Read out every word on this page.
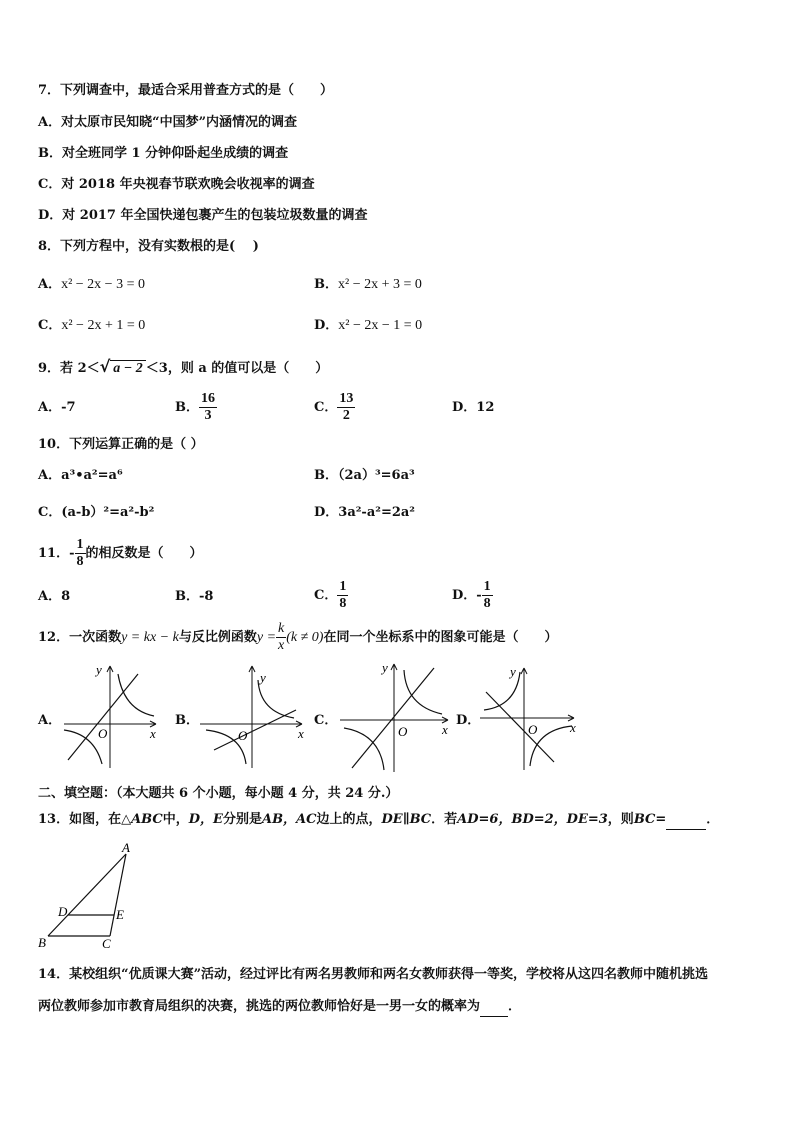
7．下列调查中，最适合采用普查方式的是（　　）
A．对太原市民知晓“中国梦”内涵情况的调查
B．对全班同学 1 分钟仰卧起坐成绩的调查
C．对 2018 年央视春节联欢晚会收视率的调查
D．对 2017 年全国快递包裹产生的包装垃圾数量的调查
8．下列方程中，没有实数根的是(　 )
A．x² − 2x − 3 = 0	B．x² − 2x + 3 = 0
C．x² − 2x + 1 = 0	D．x² − 2x − 1 = 0
9．若 2＜√ a − 2 ＜3，则 a 的值可以是（　　）
A．-7	B． $\frac{16}{3}$	C． $\frac{13}{2}$	D．12
10．下列运算正确的是（ ）
A．a³•a²=a⁶	B．（2a）³=6a³
C．(a-b）²=a²-b²	D．3a²-a²=2a²
11．- $\frac{1}{8}$ 的相反数是（　　）
A．8	B．-8	C． $\frac{1}{8}$	D．- $\frac{1}{8}$
12．一次函数y = kx − k与反比例函数$y = \frac{k}{x} (k \ne 0)$在同一个坐标系中的图象可能是（　　）
A．	B．	C．	D．
x
y
O	x
y
O	x
y
O	x
y
O
二、填空题：（本大题共 6 个小题，每小题 4 分，共 24 分.）
13．如图，在△ABC中，D，E分别是AB，AC边上的点，DE∥BC．若AD=6，BD=2，DE=3，则BC=	．
A
D	E
B	C
14．某校组织“优质课大赛”活动，经过评比有两名男教师和两名女教师获得一等奖，学校将从这四名教师中随机挑选
两位教师参加市教育局组织的决赛，挑选的两位教师恰好是一男一女的概率为 ．
